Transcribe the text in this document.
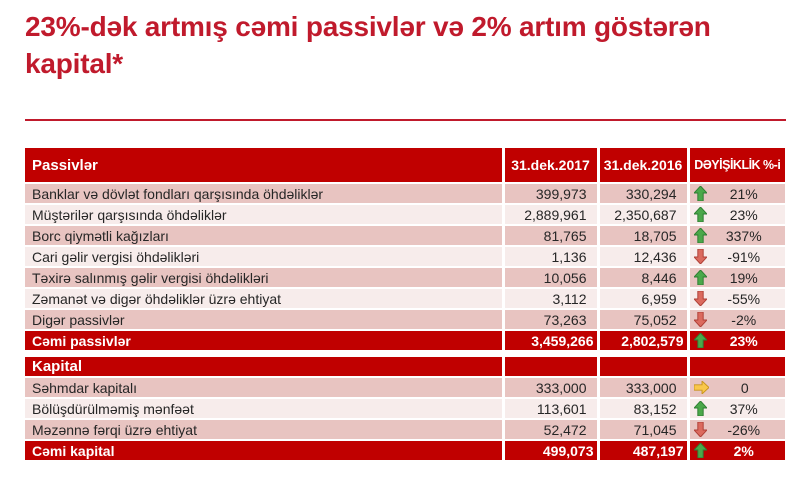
23%-dək artmış cəmi passivlər və 2% artım göstərən kapital*
Passivlər	31.dek.2017	31.dek.2016	DƏYİŞİKLİK %-i
Banklar və dövlət fondları qarşısında öhdəliklər	399,973	330,294	21%

Müştərilər qarşısında öhdəliklər	2,889,961	2,350,687	23%

Borc qiymətli kağızları	81,765	18,705	337%

Cari gəlir vergisi öhdəlikləri	1,136	12,436	-91%

Təxirə salınmış gəlir vergisi öhdəlikləri	10,056	8,446	19%

Zəmanət və digər öhdəliklər üzrə ehtiyat	3,112	6,959	-55%

Digər passivlər	73,263	75,052	-2%

Cəmi passivlər	3,459,266	2,802,579	23%

Kapital			
Səhmdar kapitalı	333,000	333,000	0

Bölüşdürülməmiş mənfəət	113,601	83,152	37%

Məzənnə fərqi üzrə ehtiyat	52,472	71,045	-26%

Cəmi kapital	499,073	487,197	2%
